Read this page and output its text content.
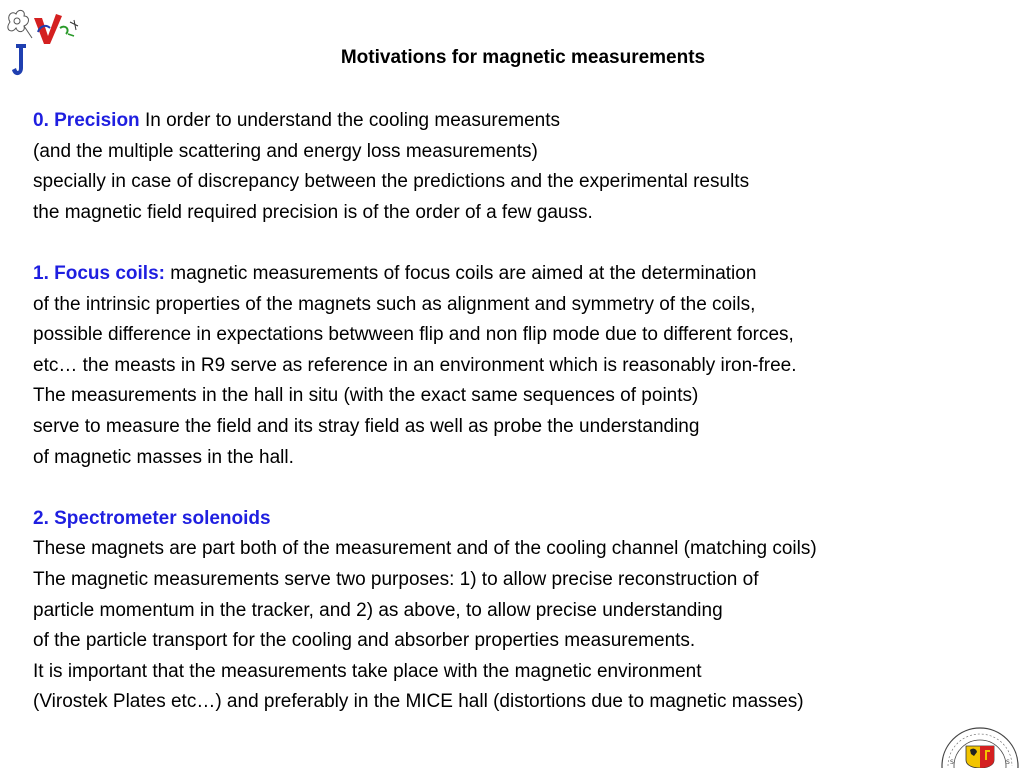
Motivations for magnetic measurements
0. Precision In order to understand the cooling measurements
(and the multiple scattering and energy loss measurements)
specially in case of discrepancy between the predictions and the experimental results
the magnetic field required precision is of the order of a few gauss.
1. Focus coils: magnetic measurements of focus coils are aimed at the determination
of the intrinsic properties of the magnets such as alignment and symmetry of the coils,
possible difference in expectations betwween flip and non flip mode due to different forces,
etc… the measts in R9 serve as reference in an environment which is reasonably iron-free.
The measurements in the hall in situ (with the exact same sequences of points)
serve to measure the field and its stray field as well as probe the understanding
of magnetic masses in the hall.
2. Spectrometer solenoids
These magnets are part both of the measurement and of the cooling channel (matching coils)
The magnetic measurements serve two purposes: 1) to allow precise reconstruction of
particle momentum in the tracker, and 2) as above, to allow precise understanding
of the particle transport for the cooling and absorber properties measurements.
It is important that the measurements take place with the magnetic environment
(Virostek Plates etc…) and preferably in the MICE hall (distortions due to magnetic masses)
S	S
